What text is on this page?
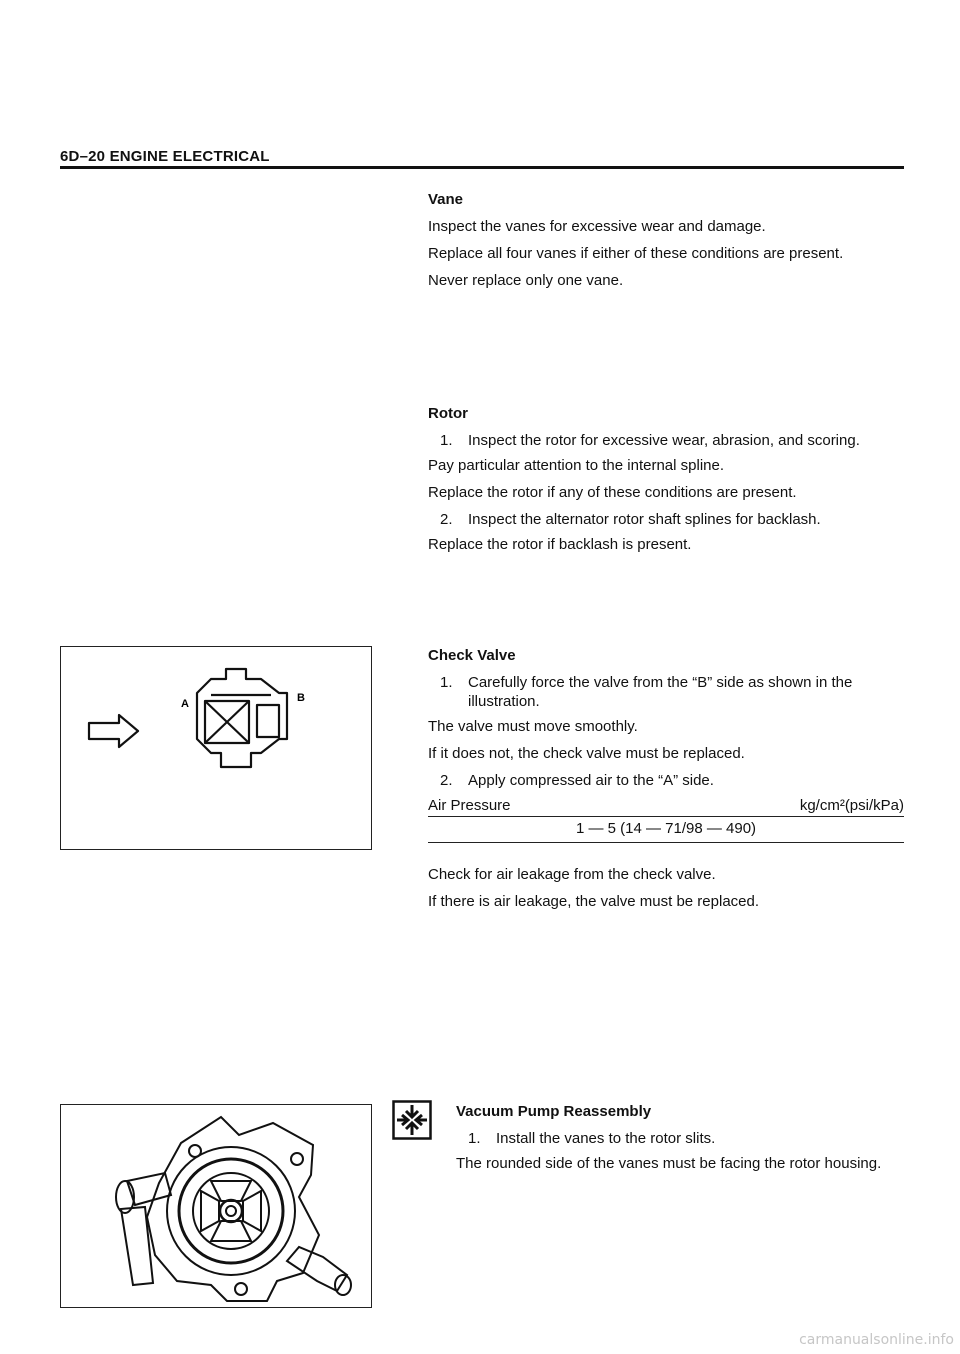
6D–20 ENGINE ELECTRICAL
Vane

Inspect the vanes for excessive wear and damage.

Replace all four vanes if either of these conditions are present.

Never replace only one vane.

Rotor
1. Inspect the rotor for excessive wear, abrasion, and scoring.

Pay particular attention to the internal spline.

Replace the rotor if any of these conditions are present.

2. Inspect the alternator rotor shaft splines for backlash.

Replace the rotor if backlash is present.

A	B
Check Valve
1. Carefully force the valve from the “B” side as shown in the illustration.

The valve must move smoothly.

If it does not, the check valve must be replaced.

2. Apply compressed air to the “A” side.
Air Pressure	kg/cm²(psi/kPa)
1 — 5 (14 — 71/98 — 490)

Check for air leakage from the check valve.

If there is air leakage, the valve must be replaced.

Vacuum Pump Reassembly
1. Install the vanes to the rotor slits.

The rounded side of the vanes must be facing the rotor housing.

carmanualsonline.info
